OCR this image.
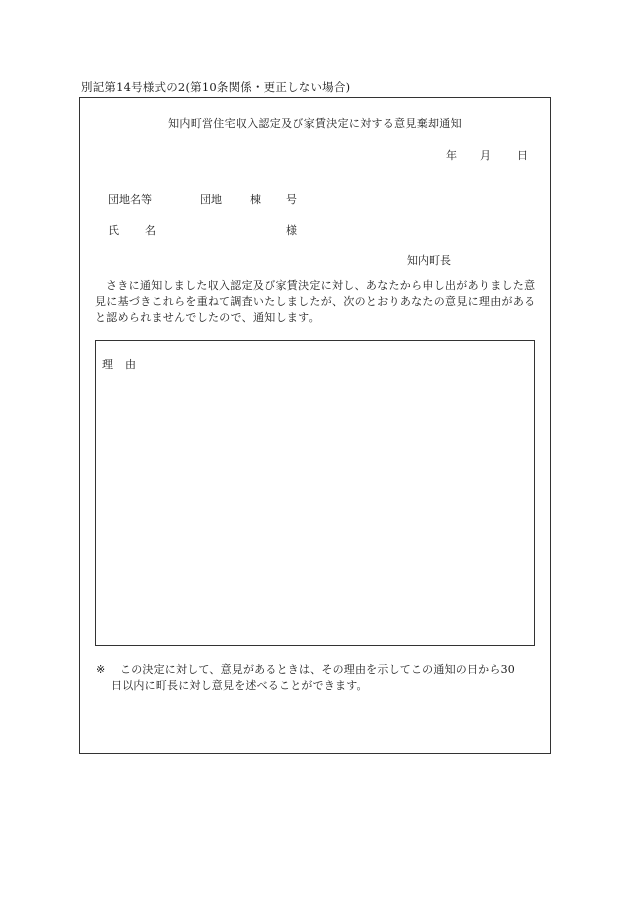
別記第14号様式の2(第10条関係・更正しない場合)
知内町営住宅収入認定及び家賃決定に対する意見棄却通知
年 月 日
団地名等	団地	棟 号
氏 名	様
知内町長
さきに通知しました収入認定及び家賃決定に対し、あなたから申し出がありました意見に基づきこれらを重ねて調査いたしましたが、次のとおりあなたの意見に理由があると認められませんでしたので、通知します。
理 由
※ この決定に対して、意見があるときは、その理由を示してこの通知の日から30
日以内に町長に対し意見を述べることができます。
